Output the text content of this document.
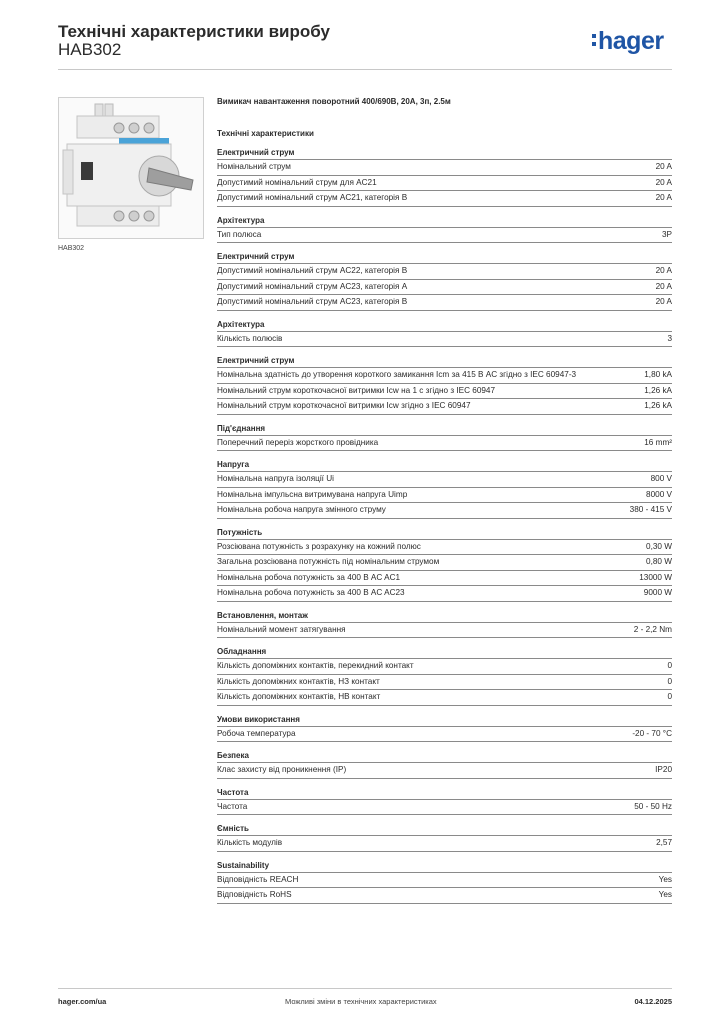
Технічні характеристики виробу
HAB302	hager
HAB302
Вимикач навантаження поворотний 400/690В, 20А, 3п, 2.5м
Технічні характеристики
Електричний струм
Номінальний струм	20 A
Допустимий номінальний струм для AC21	20 A
Допустимий номінальний струм AC21, категорія B	20 A
Архітектура
Тип полюса	3P
Електричний струм
Допустимий номінальний струм AC22, категорія B	20 A
Допустимий номінальний струм AC23, категорія A	20 A
Допустимий номінальний струм AC23, категорія B	20 A
Архітектура
Кількість полюсів	3
Електричний струм
Номінальна здатність до утворення короткого замикання Icm за 415 В AC згідно з IEC 60947-3	1,80 kA
Номінальний струм короткочасної витримки Icw на 1 с згідно з IEC 60947	1,26 kA
Номінальний струм короткочасної витримки Icw згідно з IEC 60947	1,26 kA
Під'єднання
Поперечний переріз жорсткого провідника	16 mm²
Напруга
Номінальна напруга ізоляції Ui	800 V
Номінальна імпульсна витримувана напруга Uimp	8000 V
Номінальна робоча напруга змінного струму	380 - 415 V
Потужність
Розсіювана потужність з розрахунку на кожний полюс	0,30 W
Загальна розсіювана потужність під номінальним струмом	0,80 W
Номінальна робоча потужність за 400 В AC AC1	13000 W
Номінальна робоча потужність за 400 В AC AC23	9000 W
Встановлення, монтаж
Номінальний момент затягування	2 - 2,2 Nm
Обладнання
Кількість допоміжних контактів, перекидний контакт	0
Кількість допоміжних контактів, НЗ контакт	0
Кількість допоміжних контактів, НВ контакт	0
Умови використання
Робоча температура	-20 - 70 °C
Безпека
Клас захисту від проникнення (IP)	IP20
Частота
Частота	50 - 50 Hz
Ємність
Кількість модулів	2,57
Sustainability
Відповідність REACH	Yes
Відповідність RoHS	Yes
hager.com/ua	Можливі зміни в технічних характеристиках	04.12.2025
